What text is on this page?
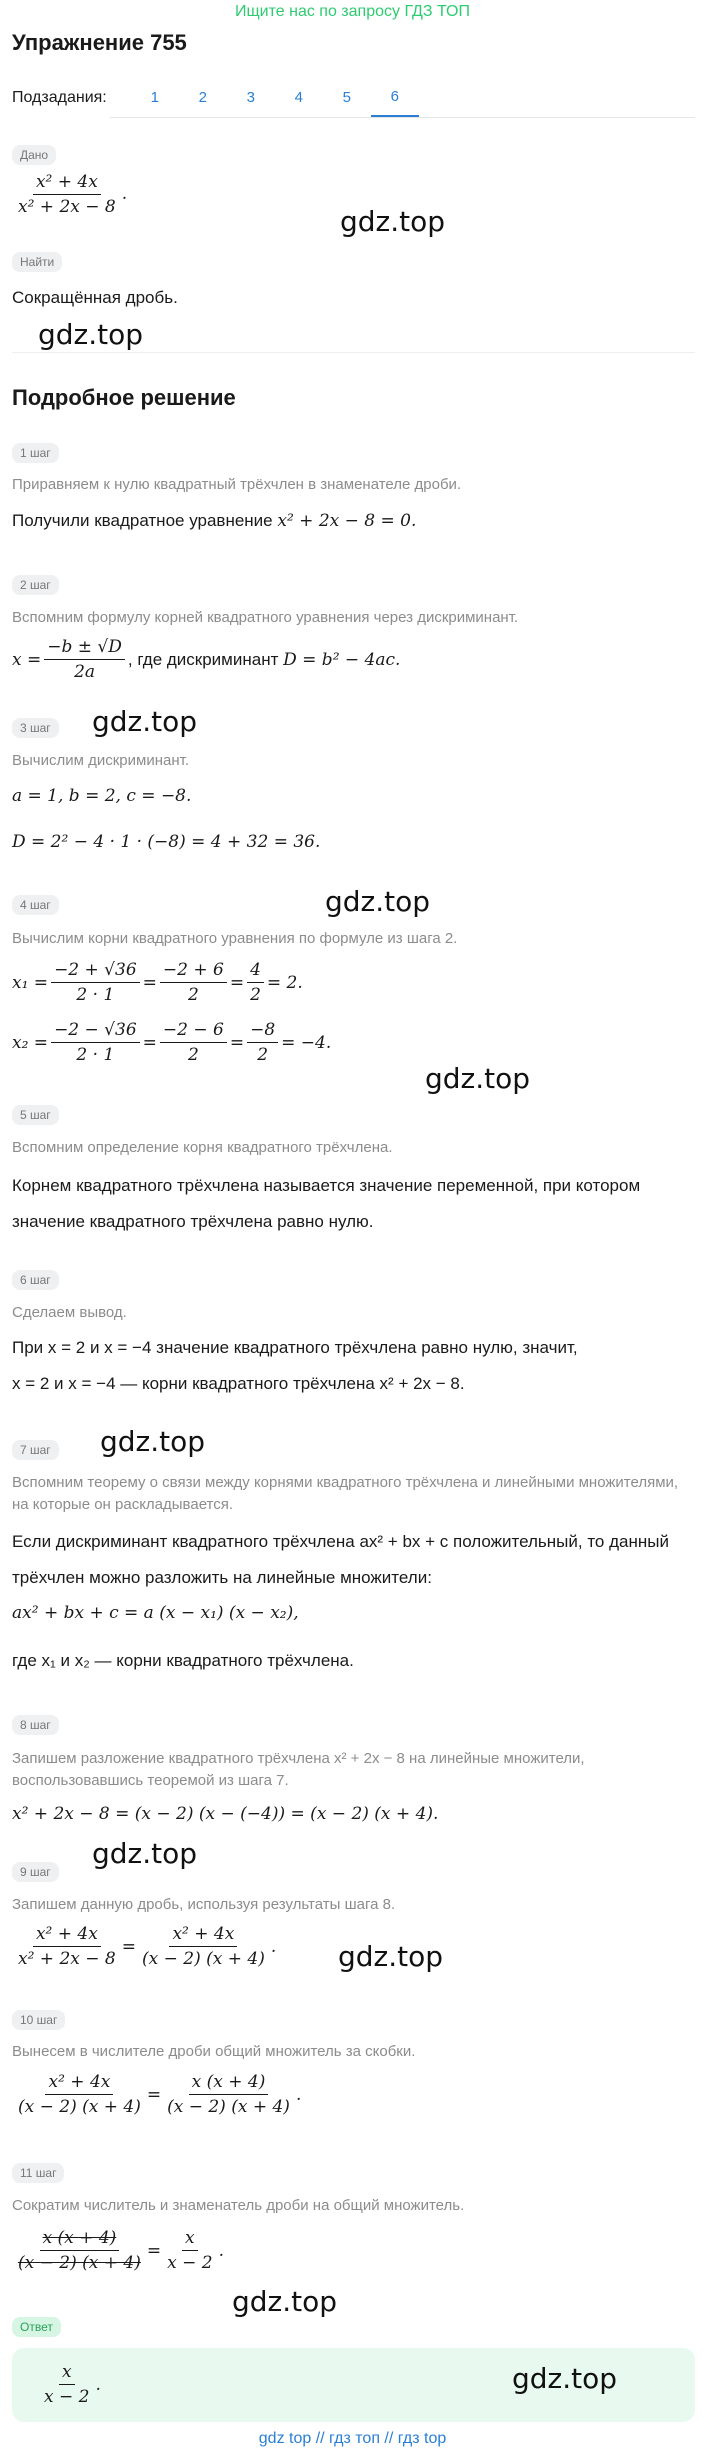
Ищите нас по запросу ГДЗ ТОП
Упражнение 755
Подзадания:	1	2	3	4	5	6
Дано
$\frac{\text{x² + 4x}}{\text{x² + 2x − 8}}$ .
gdz.top
Найти
Сокращённая дробь.
gdz.top
Подробное решение
1 шаг
Приравняем к нулю квадратный трёхчлен в знаменателе дроби.
Получили квадратное уравнение x² + 2x − 8 = 0.
2 шаг
Вспомним формулу корней квадратного уравнения через дискриминант.
$x = \frac{-b \pm √D}{2a}$ , где дискриминант
D = b² − 4ac.
3 шаг gdz.top
Вычислим дискриминант.
a = 1, b = 2, c = −8.
D = 2² − 4 · 1 · (−8) = 4 + 32 = 36.
gdz.top
4 шаг
Вычислим корни квадратного уравнения по формуле из шага 2.
$x_1 = \frac{-2 + √36}{2 \cdot 1} = \frac{-2 + 6}{2} = \frac{4}{2} = 2$.
$x_2 = \frac{-2 - √36}{2 \cdot 1} = \frac{-2 - 6}{2} = \frac{-8}{2} = -4$.
gdz.top
5 шаг
Вспомним определение корня квадратного трёхчлена.
Корнем квадратного трёхчлена называется значение переменной, при котором значение квадратного трёхчлена равно нулю.
6 шаг
Сделаем вывод.
При x = 2 и x = −4 значение квадратного трёхчлена равно нулю, значит,
x = 2 и x = −4 — корни квадратного трёхчлена x² + 2x − 8.
7 шаг gdz.top
Вспомним теорему о связи между корнями квадратного трёхчлена и линейными множителями, на которые он раскладывается.
Если дискриминант квадратного трёхчлена ax² + bx + c положительный, то данный трёхчлен можно разложить на линейные множители:
ax² + bx + c = a (x − x₁) (x − x₂),
где x₁ и x₂ — корни квадратного трёхчлена.
8 шаг
Запишем разложение квадратного трёхчлена x² + 2x − 8 на линейные множители, воспользовавшись теоремой из шага 7.
x² + 2x − 8 = (x − 2) (x − (−4)) = (x − 2) (x + 4).
gdz.top
9 шаг
Запишем данную дробь, используя результаты шага 8.
$\frac{\text{x² + 4x}}{\text{x² + 2x − 8}} = \frac{\text{x² + 4x}}{(x - 2) (x + 4)}$ . gdz.top
10 шаг
Вынесем в числителе дроби общий множитель за скобки.
$\frac{\text{x² + 4x}}{(x - 2) (x + 4)} = \frac{x (x + 4)}{(x - 2) (x + 4)}$ .
11 шаг
Сократим числитель и знаменатель дроби на общий множитель.
$\frac{x (x + 4)}{(x - 2) (x + 4)} = \frac{x}{x - 2}$ .
gdz.top
Ответ
$\frac{x}{x - 2}$ .	gdz.top
gdz top // гдз топ // гдз top
